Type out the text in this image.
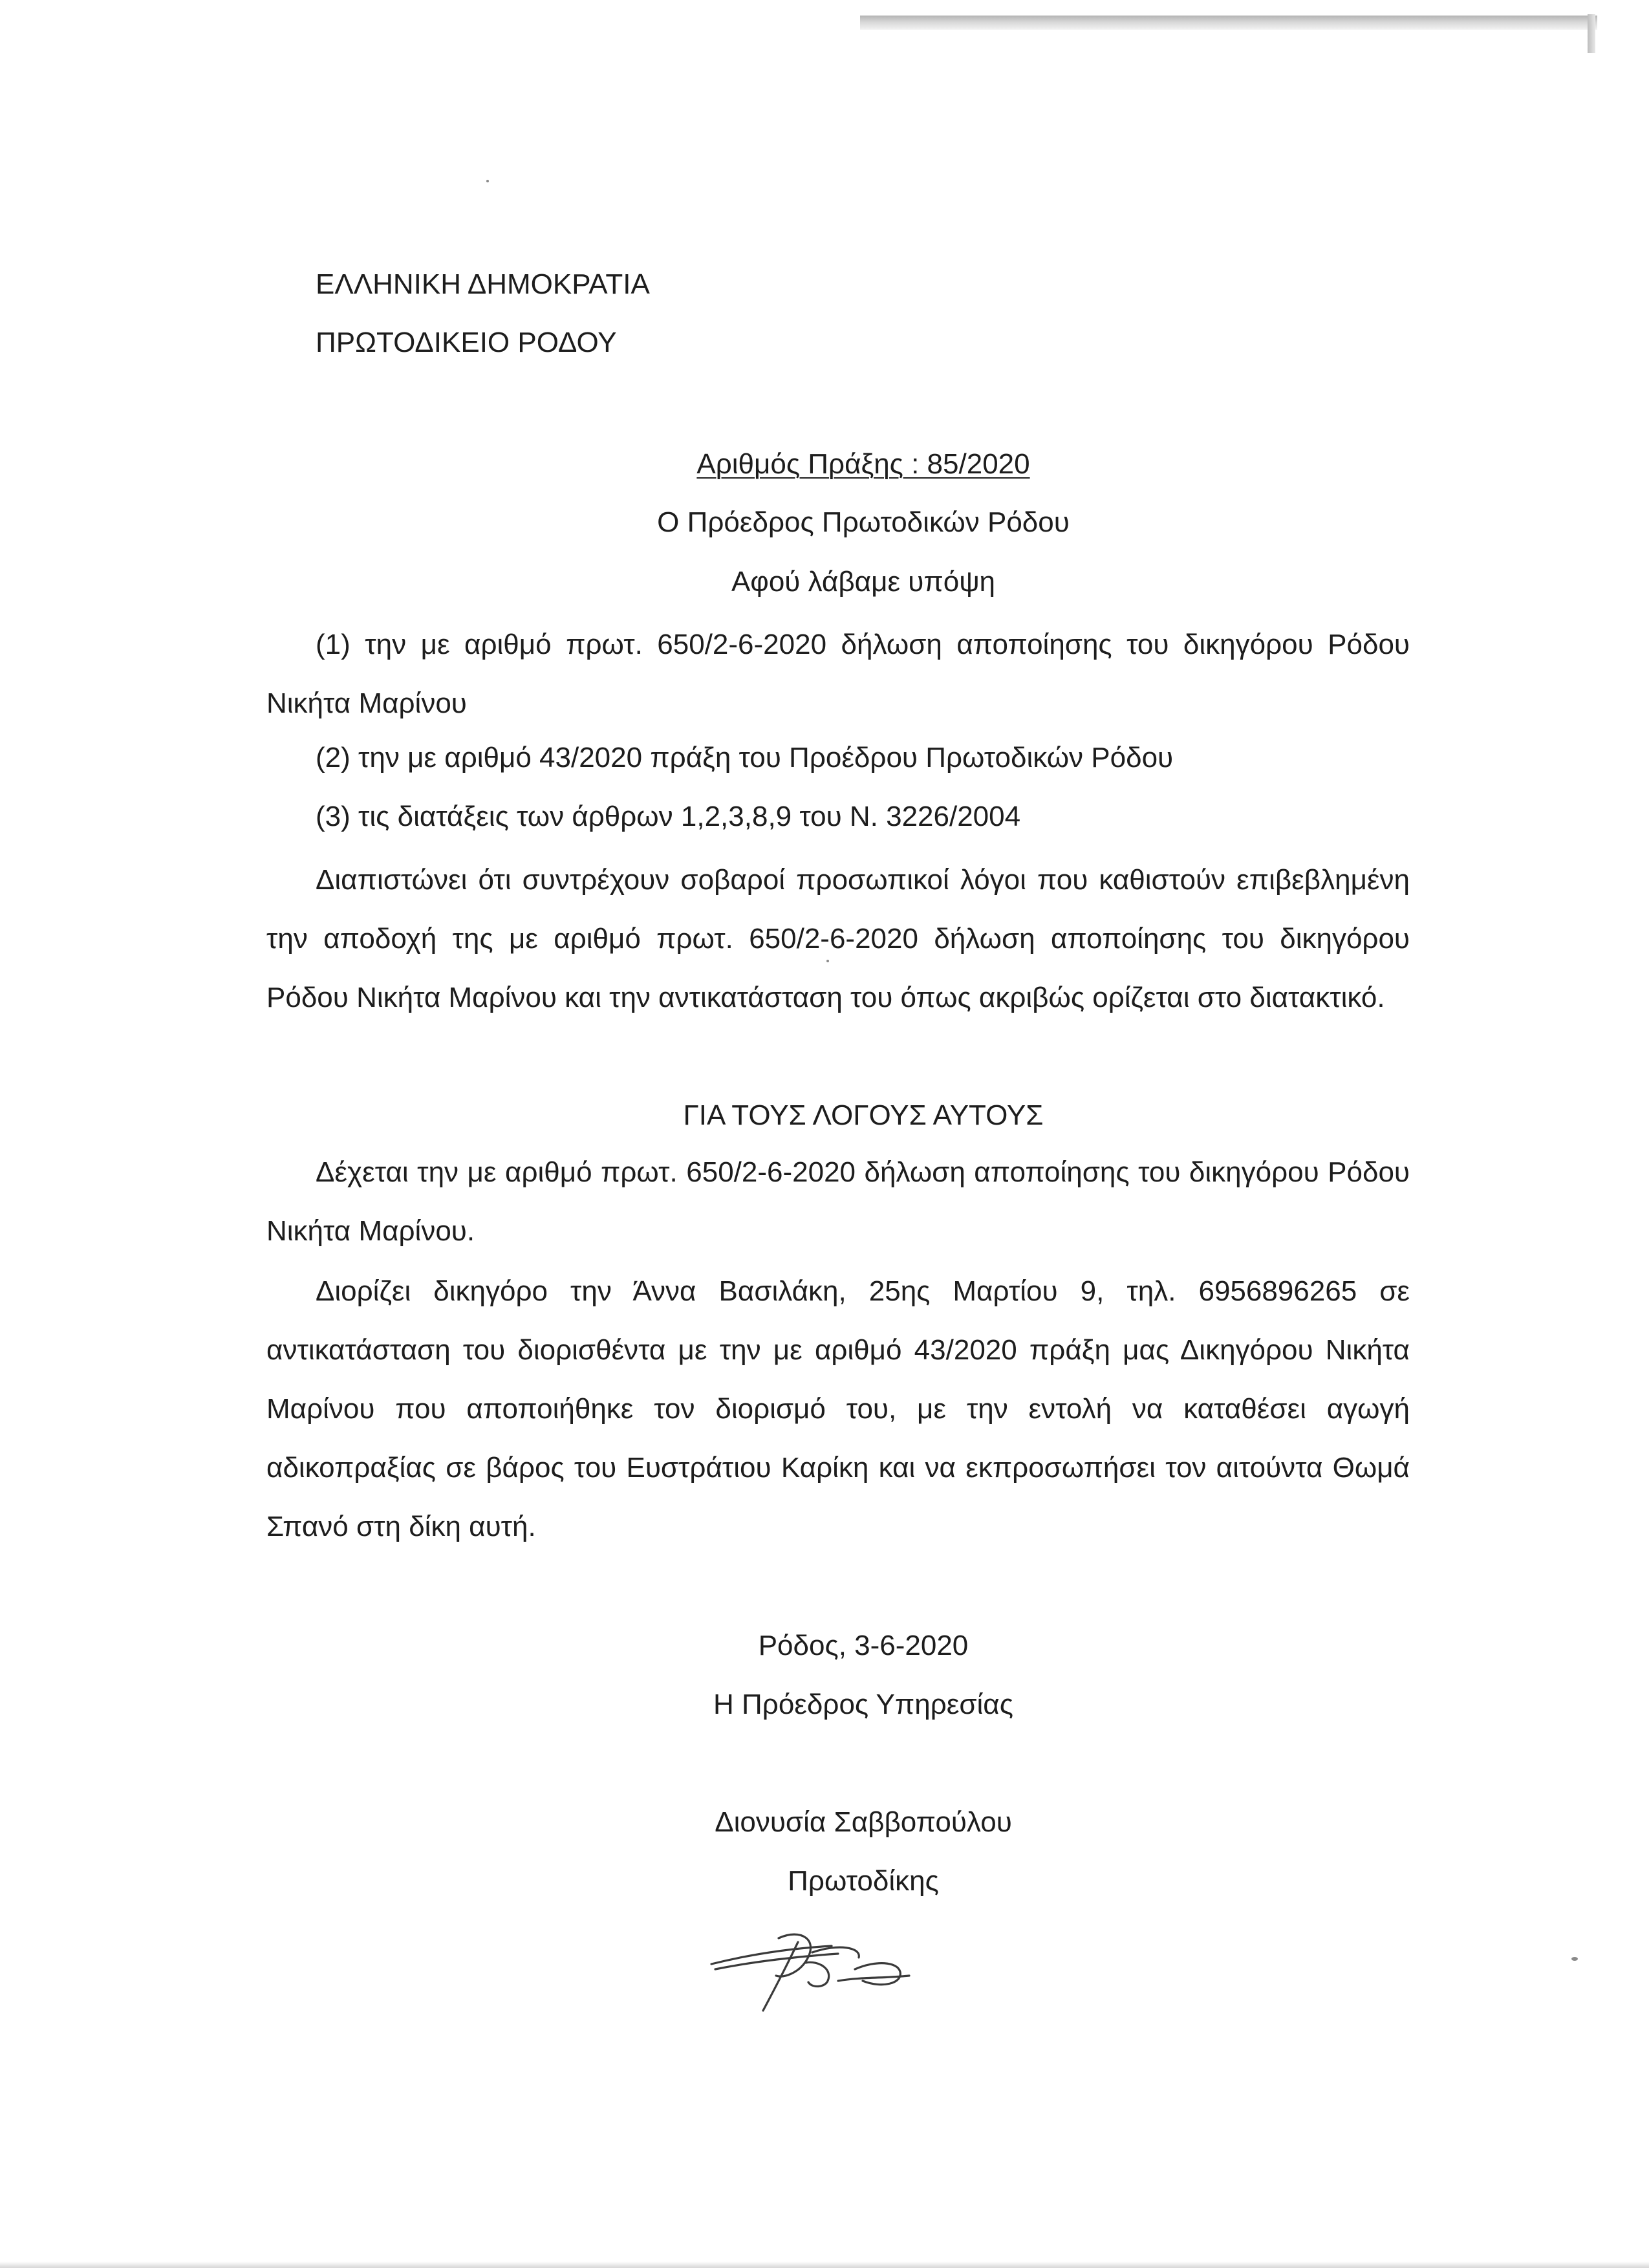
ΕΛΛΗΝΙΚΗ ΔΗΜΟΚΡΑΤΙΑ
ΠΡΩΤΟΔΙΚΕΙΟ ΡΟΔΟΥ
Αριθμός Πράξης : 85/2020
Ο Πρόεδρος Πρωτοδικών Ρόδου
Αφού λάβαμε υπόψη
(1) την με αριθμό πρωτ. 650/2-6-2020 δήλωση αποποίησης του δικηγόρου Ρόδου Νικήτα Μαρίνου
(2) την με αριθμό 43/2020 πράξη του Προέδρου Πρωτοδικών Ρόδου
(3) τις διατάξεις των άρθρων 1,2,3,8,9 του Ν. 3226/2004
Διαπιστώνει ότι συντρέχουν σοβαροί προσωπικοί λόγοι που καθιστούν επιβεβλημένη την αποδοχή της με αριθμό πρωτ. 650/2-6-2020 δήλωση αποποίησης του δικηγόρου Ρόδου Νικήτα Μαρίνου και την αντικατάσταση του όπως ακριβώς ορίζεται στο διατακτικό.
ΓΙΑ ΤΟΥΣ ΛΟΓΟΥΣ ΑΥΤΟΥΣ
Δέχεται την με αριθμό πρωτ. 650/2-6-2020 δήλωση αποποίησης του δικηγόρου Ρόδου Νικήτα Μαρίνου.
Διορίζει δικηγόρο την Άννα Βασιλάκη, 25ης Μαρτίου 9, τηλ. 6956896265 σε αντικατάσταση του διορισθέντα με την με αριθμό 43/2020 πράξη μας Δικηγόρου Νικήτα Μαρίνου που αποποιήθηκε τον διορισμό του, με την εντολή να καταθέσει αγωγή αδικοπραξίας σε βάρος του Ευστράτιου Καρίκη και να εκπροσωπήσει τον αιτούντα Θωμά Σπανό στη δίκη αυτή.
Ρόδος, 3-6-2020
Η Πρόεδρος Υπηρεσίας
Διονυσία Σαββοπούλου
Πρωτοδίκης
